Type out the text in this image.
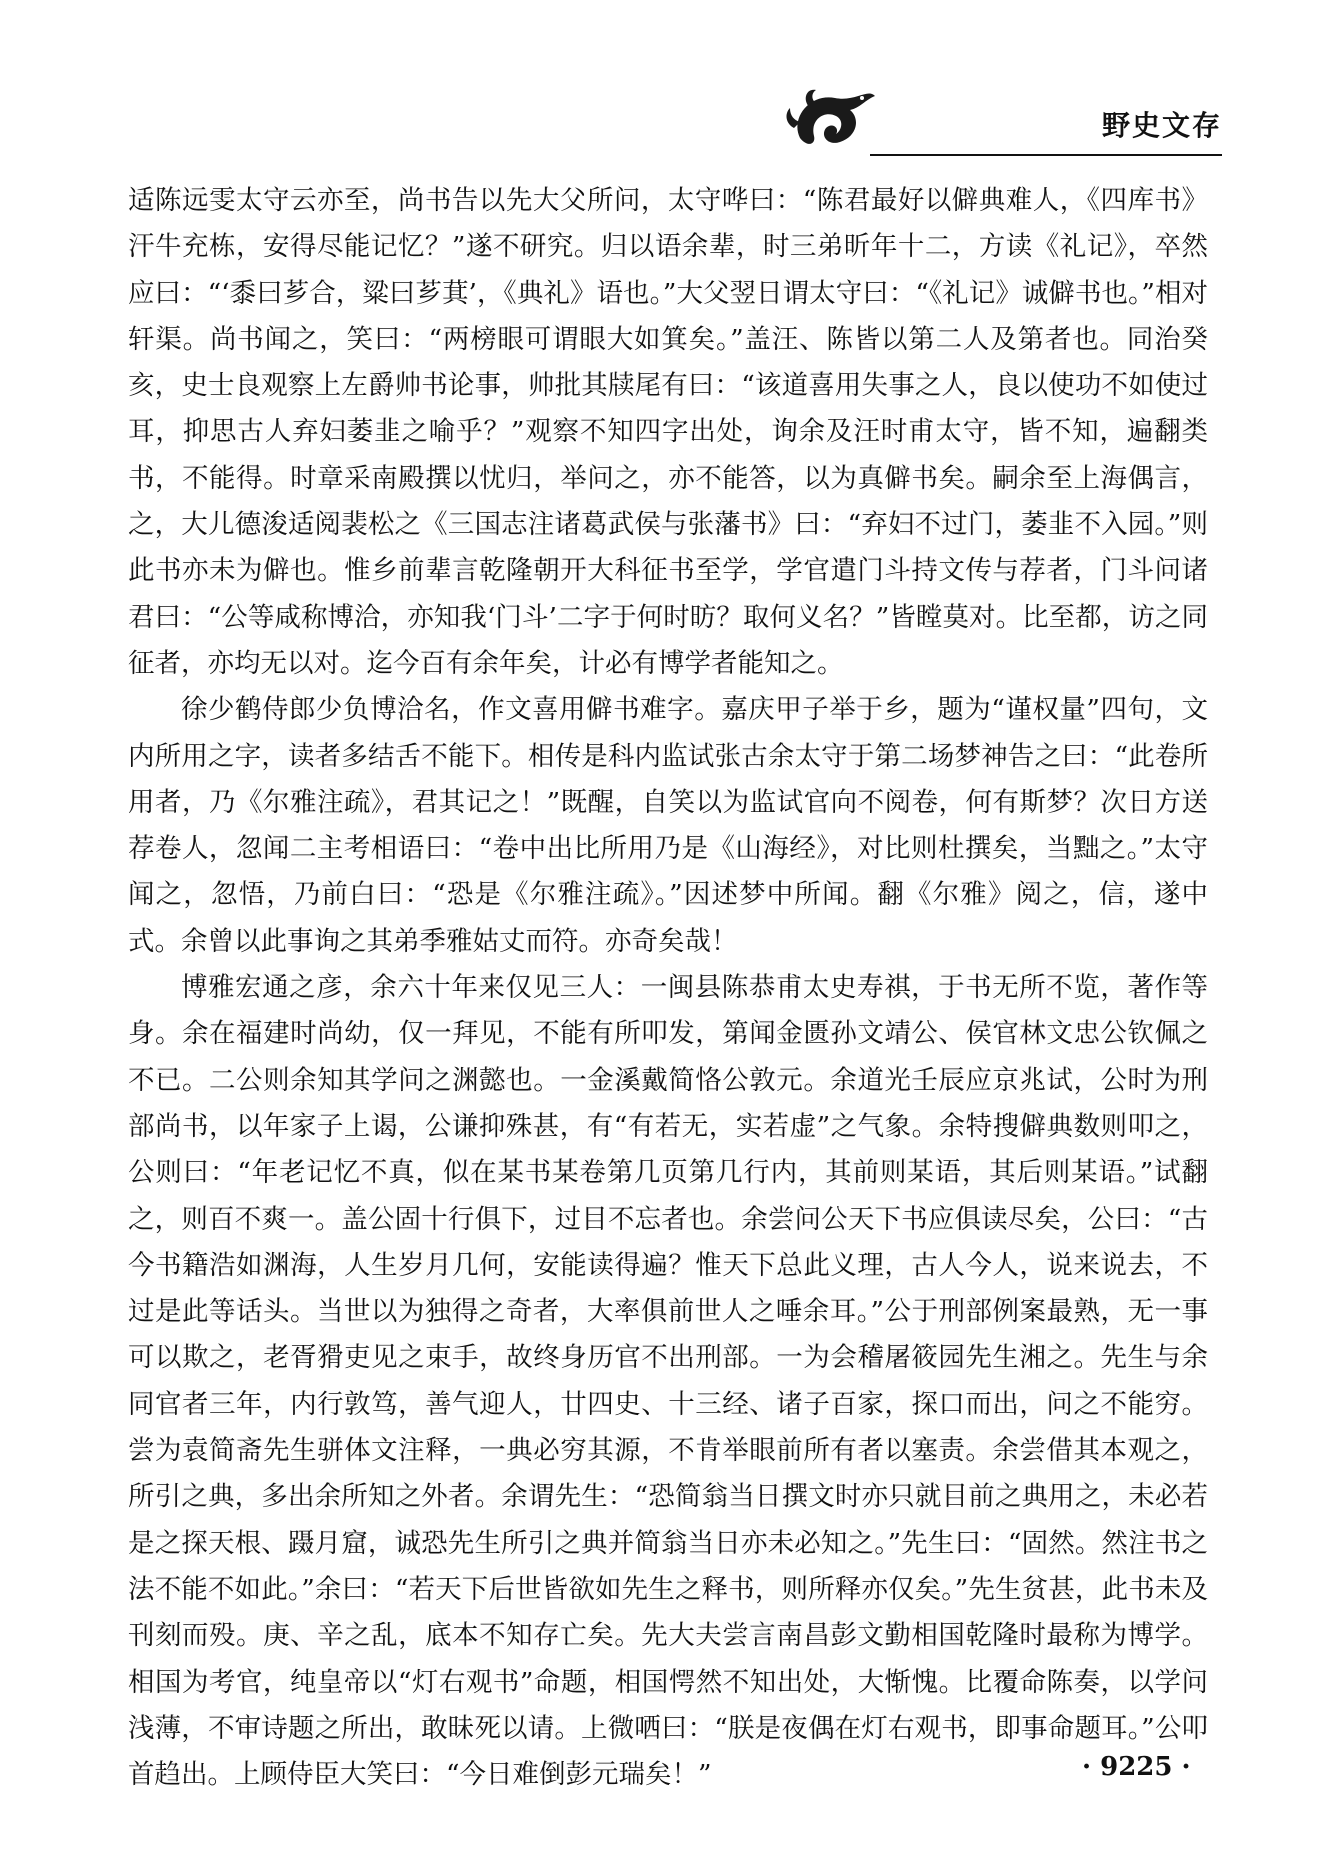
野史文存

适陈远雯太守云亦至，尚书告以先大父所问，太守哗曰：“陈君最好以僻典难人，《四库书》汗牛充栋，安得尽能记忆？”遂不研究。归以语余辈，时三弟昕年十二，方读《礼记》，卒然应曰：“‘黍曰芗合，粱曰芗萁’，《典礼》语也。”大父翌日谓太守曰：“《礼记》诚僻书也。”相对轩渠。尚书闻之，笑曰：“两榜眼可谓眼大如箕矣。”盖汪、陈皆以第二人及第者也。同治癸亥，史士良观察上左爵帅书论事，帅批其牍尾有曰：“该道喜用失事之人，良以使功不如使过耳，抑思古人弃妇萎韭之喻乎？”观察不知四字出处，询余及汪时甫太守，皆不知，遍翻类书，不能得。时章采南殿撰以忧归，举问之，亦不能答，以为真僻书矣。嗣余至上海偶言，之，大儿德浚适阅裴松之《三国志注诸葛武侯与张藩书》曰：“弃妇不过门，萎韭不入园。”则此书亦未为僻也。惟乡前辈言乾隆朝开大科征书至学，学官遣门斗持文传与荐者，门斗问诸君曰：“公等咸称博洽，亦知我‘门斗’二字于何时昉？取何义名？”皆瞠莫对。比至都，访之同征者，亦均无以对。迄今百有余年矣，计必有博学者能知之。

徐少鹤侍郎少负博洽名，作文喜用僻书难字。嘉庆甲子举于乡，题为“谨权量”四句，文内所用之字，读者多结舌不能下。相传是科内监试张古余太守于第二场梦神告之曰：“此卷所用者，乃《尔雅注疏》，君其记之！”既醒，自笑以为监试官向不阅卷，何有斯梦？次日方送荐卷人，忽闻二主考相语曰：“卷中出比所用乃是《山海经》，对比则杜撰矣，当黜之。”太守闻之，忽悟，乃前白曰：“恐是《尔雅注疏》。”因述梦中所闻。翻《尔雅》阅之，信，遂中式。余曾以此事询之其弟季雅姑丈而符。亦奇矣哉！

博雅宏通之彦，余六十年来仅见三人：一闽县陈恭甫太史寿祺，于书无所不览，著作等身。余在福建时尚幼，仅一拜见，不能有所叩发，第闻金匮孙文靖公、侯官林文忠公钦佩之不已。二公则余知其学问之渊懿也。一金溪戴简恪公敦元。余道光壬辰应京兆试，公时为刑部尚书，以年家子上谒，公谦抑殊甚，有“有若无，实若虚”之气象。余特搜僻典数则叩之，公则曰：“年老记忆不真，似在某书某卷第几页第几行内，其前则某语，其后则某语。”试翻之，则百不爽一。盖公固十行俱下，过目不忘者也。余尝问公天下书应俱读尽矣，公曰：“古今书籍浩如渊海，人生岁月几何，安能读得遍？惟天下总此义理，古人今人，说来说去，不过是此等话头。当世以为独得之奇者，大率俱前世人之唾余耳。”公于刑部例案最熟，无一事可以欺之，老胥猾吏见之束手，故终身历官不出刑部。一为会稽屠筱园先生湘之。先生与余同官者三年，内行敦笃，善气迎人，廿四史、十三经、诸子百家，探口而出，问之不能穷。尝为袁简斋先生骈体文注释，一典必穷其源，不肯举眼前所有者以塞责。余尝借其本观之，所引之典，多出余所知之外者。余谓先生：“恐简翁当日撰文时亦只就目前之典用之，未必若是之探天根、蹑月窟，诚恐先生所引之典并简翁当日亦未必知之。”先生曰：“固然。然注书之法不能不如此。”余曰：“若天下后世皆欲如先生之释书，则所释亦仅矣。”先生贫甚，此书未及刊刻而殁。庚、辛之乱，底本不知存亡矣。先大夫尝言南昌彭文勤相国乾隆时最称为博学。相国为考官，纯皇帝以“灯右观书”命题，相国愕然不知出处，大惭愧。比覆命陈奏，以学问浅薄，不审诗题之所出，敢昧死以请。上微哂曰：“朕是夜偶在灯右观书，即事命题耳。”公叩首趋出。上顾侍臣大笑曰：“今日难倒彭元瑞矣！”	· 9225 ·
